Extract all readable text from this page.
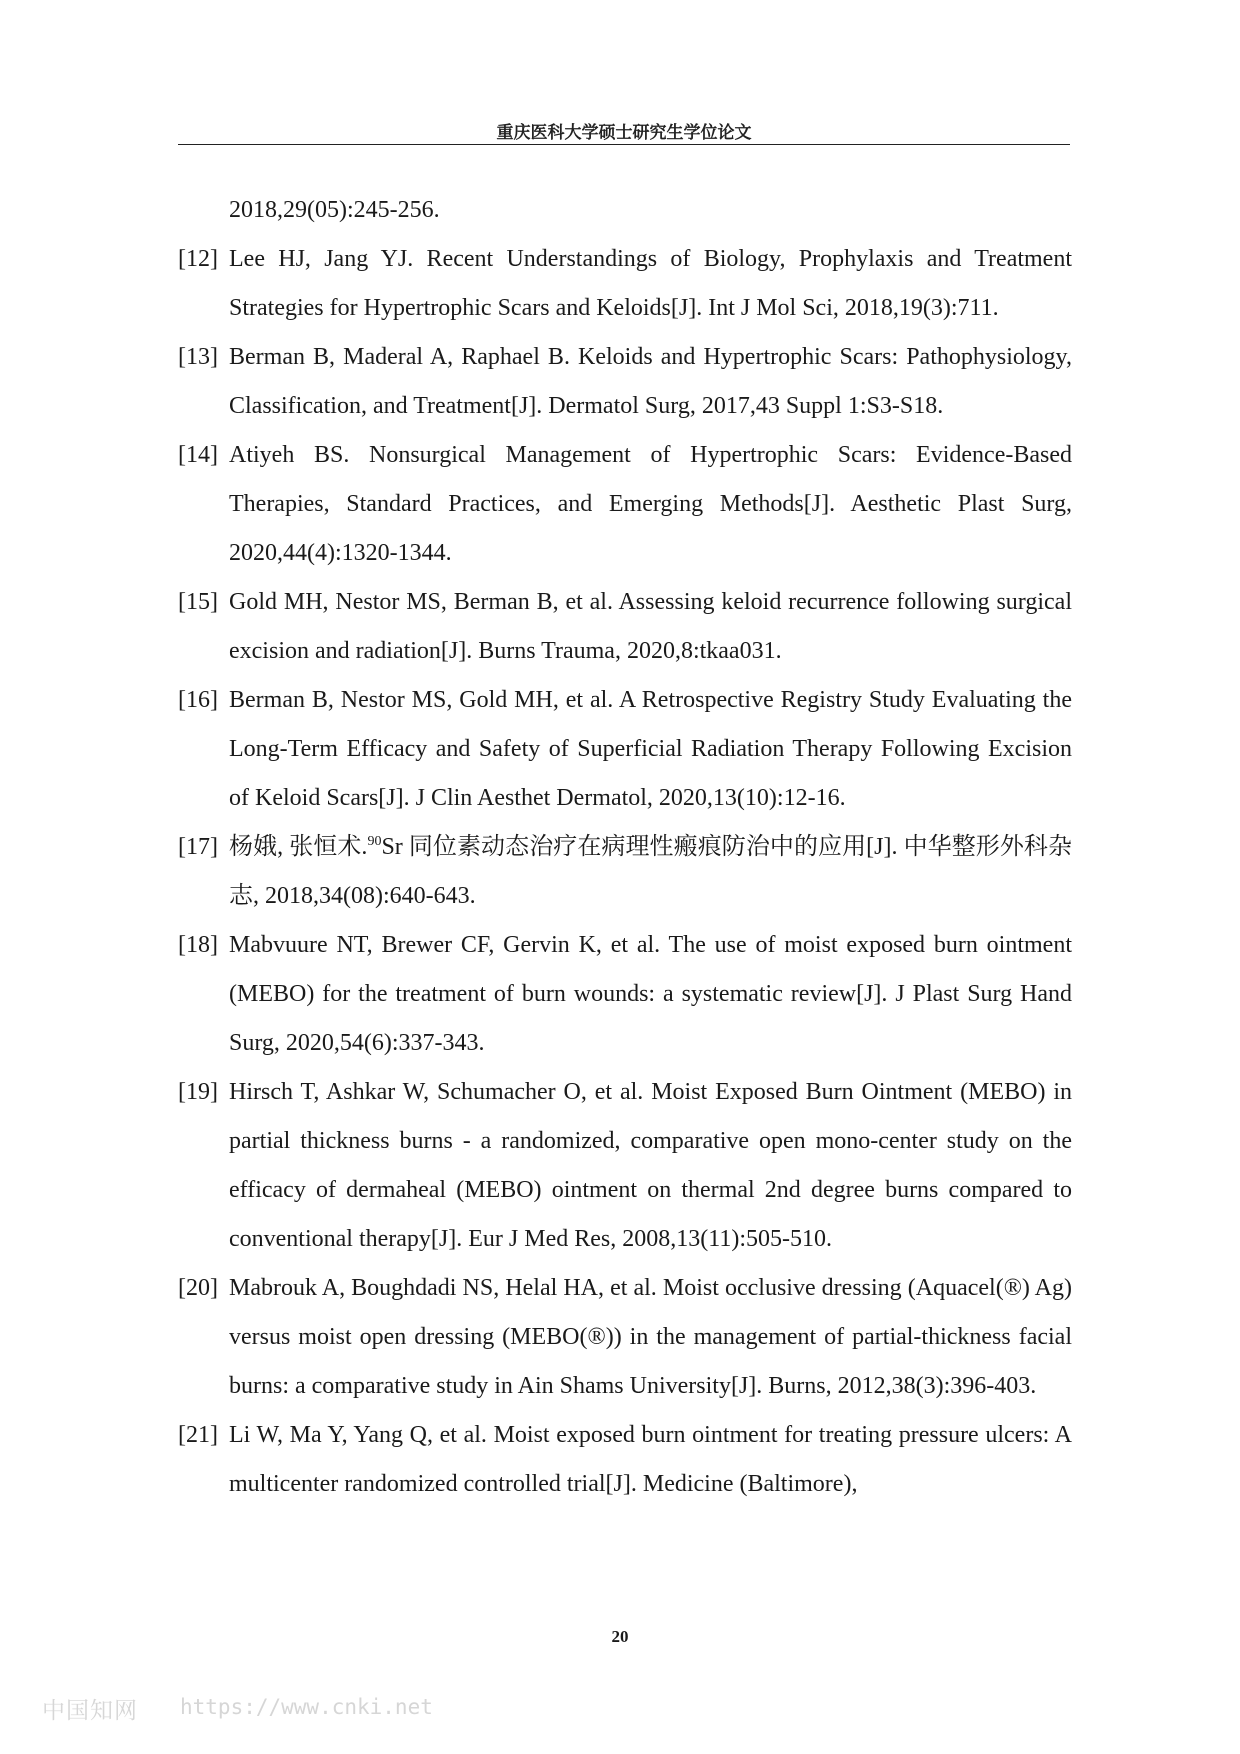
重庆医科大学硕士研究生学位论文
2018,29(05):245-256.
[12] Lee HJ, Jang YJ. Recent Understandings of Biology, Prophylaxis and Treatment Strategies for Hypertrophic Scars and Keloids[J]. Int J Mol Sci, 2018,19(3):711.
[13] Berman B, Maderal A, Raphael B. Keloids and Hypertrophic Scars: Pathophysiology, Classification, and Treatment[J]. Dermatol Surg, 2017,43 Suppl 1:S3-S18.
[14] Atiyeh BS. Nonsurgical Management of Hypertrophic Scars: Evidence-Based Therapies, Standard Practices, and Emerging Methods[J]. Aesthetic Plast Surg, 2020,44(4):1320-1344.
[15] Gold MH, Nestor MS, Berman B, et al. Assessing keloid recurrence following surgical excision and radiation[J]. Burns Trauma, 2020,8:tkaa031.
[16] Berman B, Nestor MS, Gold MH, et al. A Retrospective Registry Study Evaluating the Long-Term Efficacy and Safety of Superficial Radiation Therapy Following Excision of Keloid Scars[J]. J Clin Aesthet Dermatol, 2020,13(10):12-16.
[17] 杨娥, 张恒术.$^{90}$Sr 同位素动态治疗在病理性瘢痕防治中的应用[J]. 中华整形外科杂志, 2018,34(08):640-643.
[18] Mabvuure NT, Brewer CF, Gervin K, et al. The use of moist exposed burn ointment (MEBO) for the treatment of burn wounds: a systematic review[J]. J Plast Surg Hand Surg, 2020,54(6):337-343.
[19] Hirsch T, Ashkar W, Schumacher O, et al. Moist Exposed Burn Ointment (MEBO) in partial thickness burns - a randomized, comparative open mono-center study on the efficacy of dermaheal (MEBO) ointment on thermal 2nd degree burns compared to conventional therapy[J]. Eur J Med Res, 2008,13(11):505-510.
[20] Mabrouk A, Boughdadi NS, Helal HA, et al. Moist occlusive dressing (Aquacel(®) Ag) versus moist open dressing (MEBO(®)) in the management of partial-thickness facial burns: a comparative study in Ain Shams University[J]. Burns, 2012,38(3):396-403.
[21] Li W, Ma Y, Yang Q, et al. Moist exposed burn ointment for treating pressure ulcers: A multicenter randomized controlled trial[J]. Medicine (Baltimore),
20
中国知网 https://www.cnki.net
